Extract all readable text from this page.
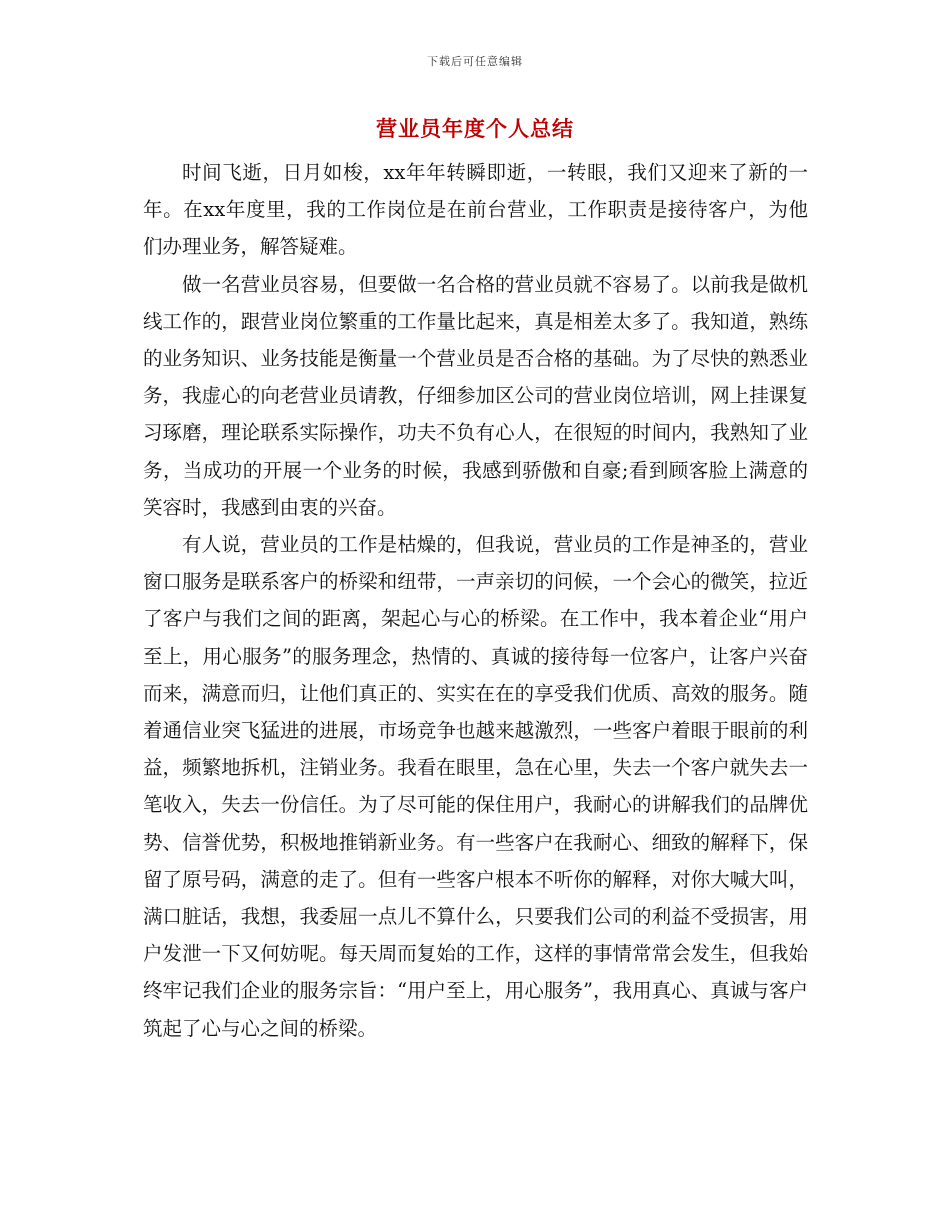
下载后可任意编辑
营业员年度个人总结

时间飞逝，日月如梭，xx年年转瞬即逝，一转眼，我们又迎来了新的一年。在xx年度里，我的工作岗位是在前台营业，工作职责是接待客户，为他们办理业务，解答疑难。

做一名营业员容易，但要做一名合格的营业员就不容易了。以前我是做机线工作的，跟营业岗位繁重的工作量比起来，真是相差太多了。我知道，熟练的业务知识、业务技能是衡量一个营业员是否合格的基础。为了尽快的熟悉业务，我虚心的向老营业员请教，仔细参加区公司的营业岗位培训，网上挂课复习琢磨，理论联系实际操作，功夫不负有心人，在很短的时间内，我熟知了业务，当成功的开展一个业务的时候，我感到骄傲和自豪;看到顾客脸上满意的笑容时，我感到由衷的兴奋。

有人说，营业员的工作是枯燥的，但我说，营业员的工作是神圣的，营业窗口服务是联系客户的桥梁和纽带，一声亲切的问候，一个会心的微笑，拉近了客户与我们之间的距离，架起心与心的桥梁。在工作中，我本着企业“用户至上，用心服务”的服务理念，热情的、真诚的接待每一位客户，让客户兴奋而来，满意而归，让他们真正的、实实在在的享受我们优质、高效的服务。随着通信业突飞猛进的进展，市场竞争也越来越激烈，一些客户着眼于眼前的利益，频繁地拆机，注销业务。我看在眼里，急在心里，失去一个客户就失去一笔收入，失去一份信任。为了尽可能的保住用户，我耐心的讲解我们的品牌优势、信誉优势，积极地推销新业务。有一些客户在我耐心、细致的解释下，保留了原号码，满意的走了。但有一些客户根本不听你的解释，对你大喊大叫，满口脏话，我想，我委屈一点儿不算什么，只要我们公司的利益不受损害，用户发泄一下又何妨呢。每天周而复始的工作，这样的事情常常会发生，但我始终牢记我们企业的服务宗旨：“用户至上，用心服务”，我用真心、真诚与客户筑起了心与心之间的桥梁。
